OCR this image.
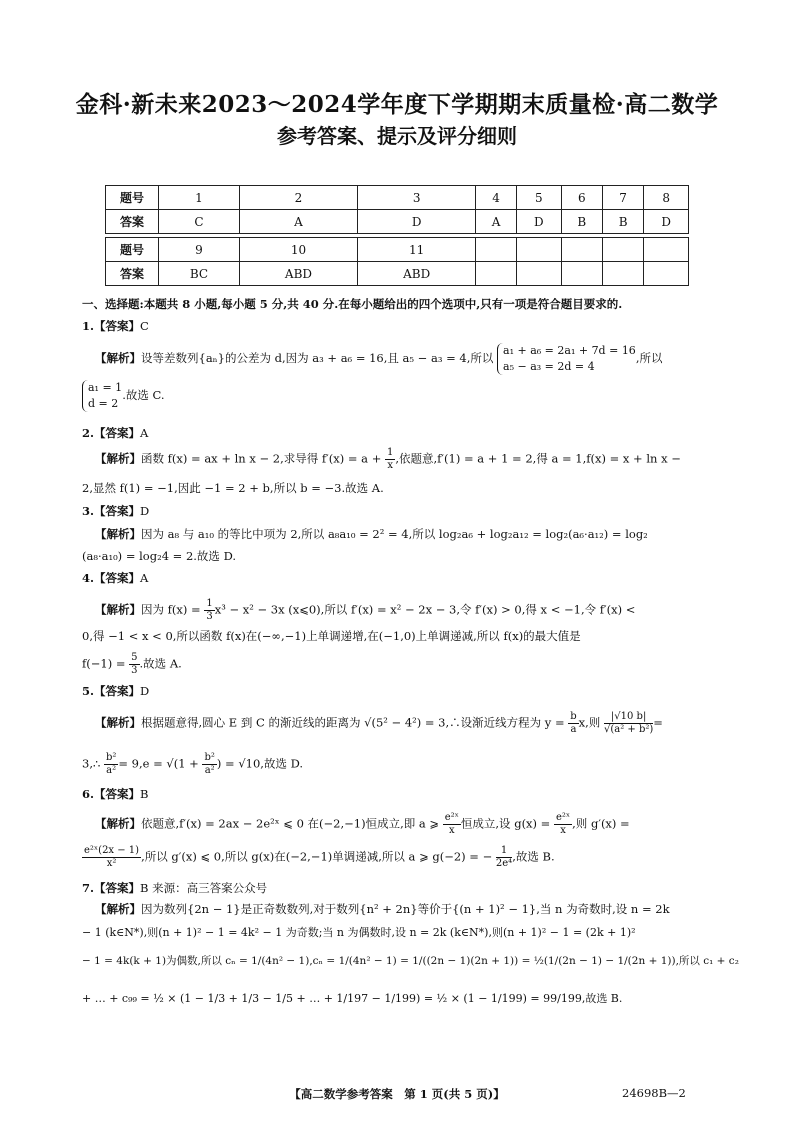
金科·新未来2023～2024学年度下学期期末质量检·高二数学
参考答案、提示及评分细则
题号	1	2	3	4	5	6	7	8
答案	C	A	D	A	D	B	B	D

题号	9	10	11					
答案	BC	ABD	ABD					
一、选择题:本题共 8 小题,每小题 5 分,共 40 分.在每小题给出的四个选项中,只有一项是符合题目要求的.
1.【答案】C
【解析】设等差数列{aₙ}的公差为 d,因为 a₃ + a₆ = 16,且 a₅ − a₃ = 4,所以 a₁ + a₆ = 2a₁ + 7d = 16
a₅ − a₃ = 2d = 4,所以
a₁ = 1
d = 2.故选 C.
2.【答案】A
【解析】函数 f(x) = ax + ln x − 2,求导得 $f'(x) = a + \frac{1}{x}$ ,依题意,f′(1) = a + 1 = 2,得 a = 1,f(x) = x + ln x −
2,显然 f(1) = −1,因此 −1 = 2 + b,所以 b = −3.故选 A.
3.【答案】D
【解析】因为 a₈ 与 a₁₀ 的等比中项为 2,所以 a₈a₁₀ = 2² = 4,所以 log₂a₆ + log₂a₁₂ = log₂(a₆·a₁₂) = log₂
(a₈·a₁₀) = log₂4 = 2.故选 D.
4.【答案】A
【解析】因为 $f(x) = \frac{1}{3} x^3 - x^2 - 3x$ (x⩽0),所以 f′(x) = x² − 2x − 3,令 f′(x) > 0,得 x < −1,令 f′(x) <
0,得 −1 < x < 0,所以函数 f(x)在(−∞,−1)上单调递增,在(−1,0)上单调递减,所以 f(x)的最大值是
$f(-1) = \frac{5}{3}$ .故选 A.
5.【答案】D
【解析】根据题意得,圆心 E 到 C 的渐近线的距离为 √(5² − 4²) = 3,∴设渐近线方程为 $y = \frac{b}{a} x$,则 $\frac{|√10 b|}{\text{√(a² + b²)}}$ =
3,∴ $\frac{\text{b²}}{\text{a²}} = 9,e = √(1 + \frac{\text{b²}}{\text{a²}}$ ) = √10,故选 D.
6.【答案】B
【解析】依题意,f′(x) = 2ax − 2e²ˣ ⩽ 0 在(−2,−1)恒成立,即 a ⩾ $\frac{\text{e²ˣ}}{x}$ 恒成立,设 $g(x) = \frac{\text{e²ˣ}}{x}$ ,则 g′(x) =
$\frac{\text{e²ˣ(2x − 1)}}{\text{x²}}$ ,所以 g′(x) ⩽ 0,所以 g(x)在(−2,−1)单调递减,所以 a ⩾ g(−2) = − $\frac{1}{\text{2e⁴}}$ ,故选 B.
7.【答案】B 来源：高三答案公众号
【解析】因为数列{2n − 1}是正奇数数列,对于数列{n² + 2n}等价于{(n + 1)² − 1},当 n 为奇数时,设 n = 2k
− 1 (k∈N*),则(n + 1)² − 1 = 4k² − 1 为奇数;当 n 为偶数时,设 n = 2k (k∈N*),则(n + 1)² − 1 = (2k + 1)²
− 1 = 4k(k + 1)为偶数,所以 cₙ = 1/(4n² − 1),cₙ = 1/(4n² − 1) = 1/((2n − 1)(2n + 1)) = ½(1/(2n − 1) − 1/(2n + 1)),所以 c₁ + c₂
+ … + c₉₉ = ½ × (1 − 1/3 + 1/3 − 1/5 + … + 1/197 − 1/199) = ½ × (1 − 1/199) = 99/199,故选 B.
【高二数学参考答案　第 1 页(共 5 页)】	24698B—2
